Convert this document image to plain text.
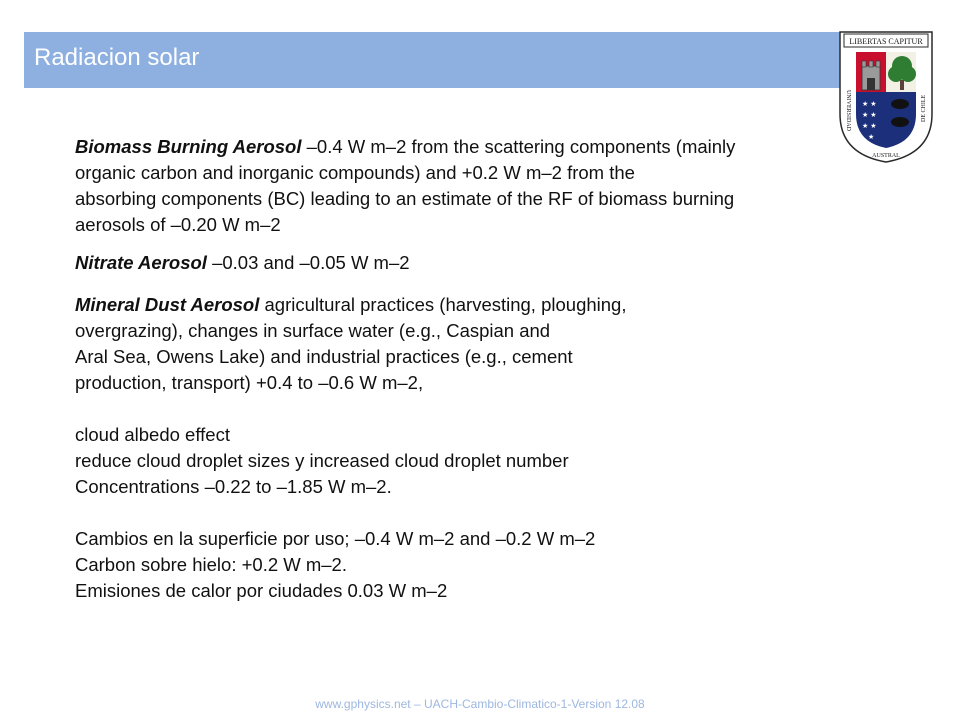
Radiacion solar
LIBERTAS CAPITUR
★ ★
★ ★
★ ★
★
UNIVERSIDAD
AUSTRAL
DE CHILE
Biomass Burning Aerosol –0.4 W m–2 from the scattering components (mainly
organic carbon and inorganic compounds) and +0.2 W m–2 from the
absorbing components (BC) leading to an estimate of the RF of biomass burning
aerosols of –0.20 W m–2
Nitrate Aerosol –0.03 and –0.05 W m–2
Mineral Dust Aerosol agricultural practices (harvesting, ploughing,
overgrazing), changes in surface water (e.g., Caspian and
Aral Sea, Owens Lake) and industrial practices (e.g., cement
production, transport) +0.4 to –0.6 W m–2,
cloud albedo effect
reduce cloud droplet sizes y increased cloud droplet number
Concentrations –0.22 to –1.85 W m–2.
Cambios en la superficie por uso; –0.4 W m–2 and –0.2 W m–2
Carbon sobre hielo: +0.2 W m–2.
Emisiones de calor por ciudades 0.03 W m–2
www.gphysics.net – UACH-Cambio-Climatico-1-Version 12.08
